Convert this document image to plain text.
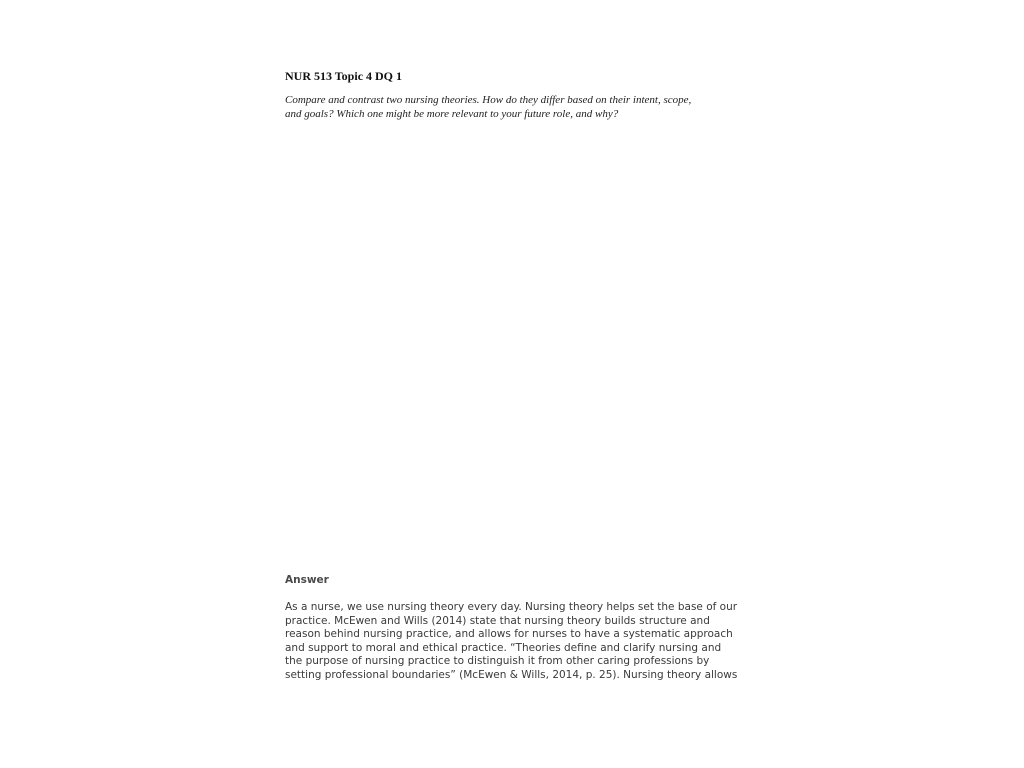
NUR 513 Topic 4 DQ 1

Compare and contrast two nursing theories. How do they differ based on their intent, scope,
and goals? Which one might be more relevant to your future role, and why?

Answer

As a nurse, we use nursing theory every day. Nursing theory helps set the base of our
practice. McEwen and Wills (2014) state that nursing theory builds structure and
reason behind nursing practice, and allows for nurses to have a systematic approach
and support to moral and ethical practice. “Theories define and clarify nursing and
the purpose of nursing practice to distinguish it from other caring professions by
setting professional boundaries” (McEwen & Wills, 2014, p. 25). Nursing theory allows
